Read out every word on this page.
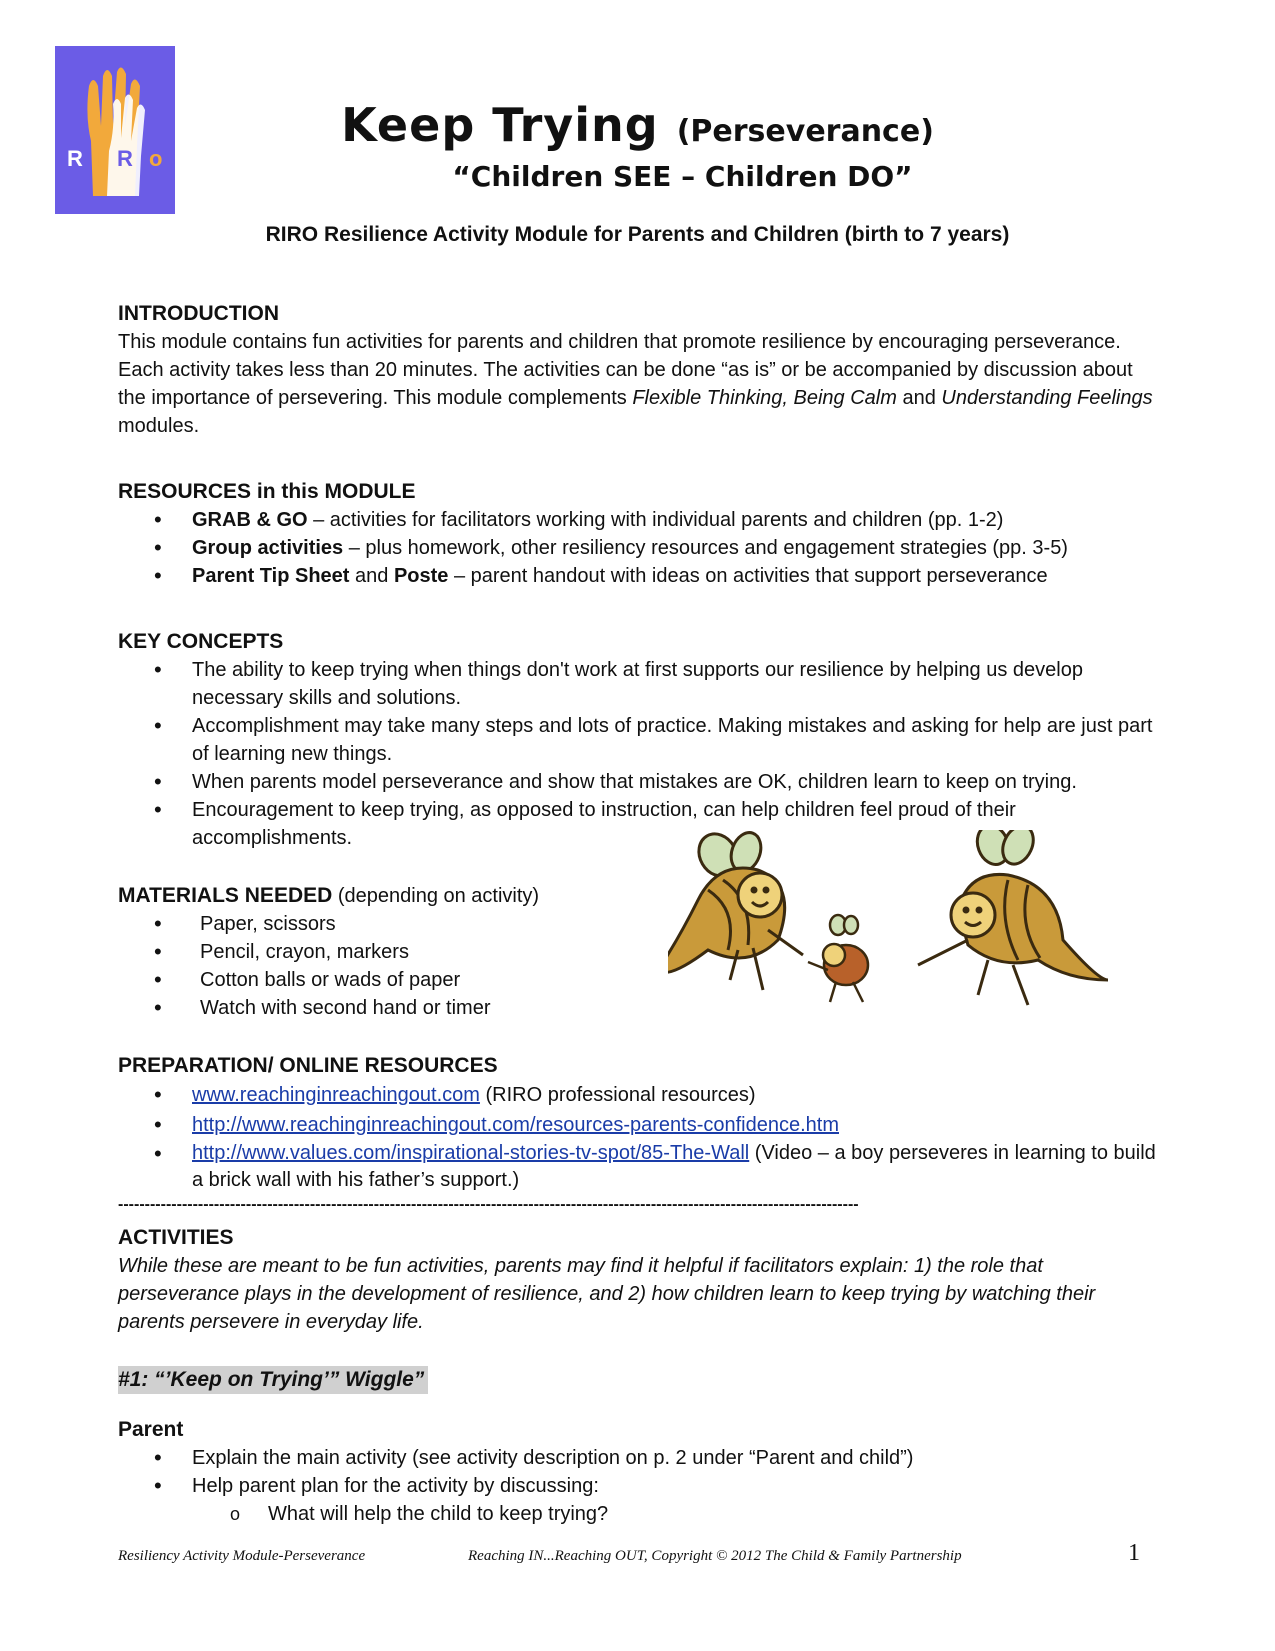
R i R o
Keep Trying (Perseverance)
“Children SEE – Children DO”
RIRO Resilience Activity Module for Parents and Children (birth to 7 years)
INTRODUCTION

This module contains fun activities for parents and children that promote resilience by encouraging perseverance. Each activity takes less than 20 minutes. The activities can be done “as is” or be accompanied by discussion about the importance of persevering. This module complements Flexible Thinking, Being Calm and Understanding Feelings modules.

RESOURCES in this MODULE
• GRAB & GO – activities for facilitators working with individual parents and children (pp. 1-2)
• Group activities – plus homework, other resiliency resources and engagement strategies (pp. 3-5)
• Parent Tip Sheet and Poste – parent handout with ideas on activities that support perseverance
KEY CONCEPTS
• The ability to keep trying when things don't work at first supports our resilience by helping us develop necessary skills and solutions.
• Accomplishment may take many steps and lots of practice. Making mistakes and asking for help are just part of learning new things.
• When parents model perseverance and show that mistakes are OK, children learn to keep on trying.
• Encouragement to keep trying, as opposed to instruction, can help children feel proud of their accomplishments.

MATERIALS NEEDED (depending on activity)

• Paper, scissors
• Pencil, crayon, markers
• Cotton balls or wads of paper
• Watch with second hand or timer
PREPARATION/ ONLINE RESOURCES
• www.reachinginreachingout.com (RIRO professional resources)
• http://www.reachinginreachingout.com/resources-parents-confidence.htm
• http://www.values.com/inspirational-stories-tv-spot/85-The-Wall (Video – a boy perseveres in learning to build a brick wall with his father’s support.)
-------------------------------------------------------------------------------------------------------------------------------------------
ACTIVITIES

While these are meant to be fun activities, parents may find it helpful if facilitators explain: 1) the role that perseverance plays in the development of resilience, and 2) how children learn to keep trying by watching their parents persevere in everyday life.

#1: “’Keep on Trying’” Wiggle”
Parent
• Explain the main activity (see activity description on p. 2 under “Parent and child”)
• Help parent plan for the activity by discussing:
o What will help the child to keep trying?
Resiliency Activity Module-Perseverance	Reaching IN...Reaching OUT, Copyright © 2012 The Child & Family Partnership	1
